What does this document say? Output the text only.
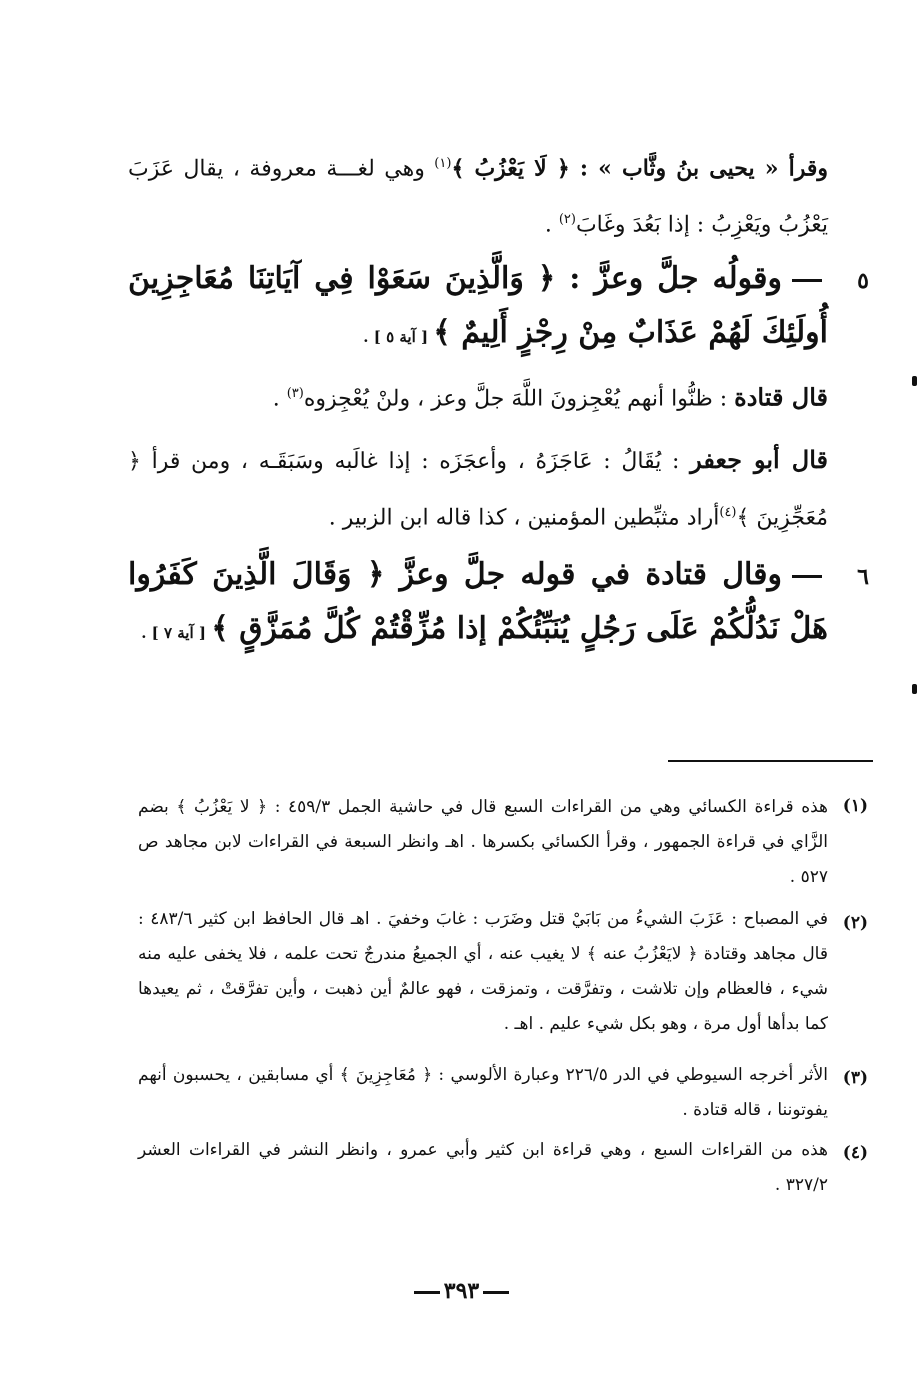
وقرأ « يحيى بنُ وثَّاب » : ﴿ لَا يَعْزُبُ ﴾$^{(١)}$ وهي لغـــة معروفة ، يقال عَزَبَ يَعْزُبُ ويَعْزِبُ : إذا بَعُدَ وغَابَ$^{(٢)}$ .

٥

وقولُه جلَّ وعزَّ : ﴿ وَالَّذِينَ سَعَوْا فِي آيَاتِنَا مُعَاجِزِينَ أُولَئِكَ لَهُمْ عَذَابٌ مِنْ رِجْزٍ أَلِيمٌ ﴾ [ آية ٥ ] .

قال قتادة : ظنُّوا أنهم يُعْجِزونَ اللَّهَ جلَّ وعز ، ولنْ يُعْجِزوه$^{(٣)}$ .

قال أبو جعفر : يُقَالُ : عَاجَزَهُ ، وأعجَزَه : إذا غالَبه وسَبَقَـه ، ومن قرأ ﴿ مُعَجِّزِينَ ﴾$^{(٤)}$أراد مثبِّطين المؤمنين ، كذا قاله ابن الزبير .

٦

وقال قتادة في قوله جلَّ وعزَّ ﴿ وَقَالَ الَّذِينَ كَفَرُوا هَلْ نَدُلُّكُمْ عَلَى رَجُلٍ يُنَبِّئُكُمْ إذا مُزِّقْتُمْ كُلَّ مُمَزَّقٍ ﴾ [ آية ٧ ] .

(١)

هذه قراءة الكسائي وهي من القراءات السبع قال في حاشية الجمل ٤٥٩/٣ : ﴿ لا يَعْزُبُ ﴾ بضم الزَّاي في قراءة الجمهور ، وقرأ الكسائي بكسرها . اهـ وانظر السبعة في القراءات لابن مجاهد ص ٥٢٧ .

(٢)

في المصباح : عَزَبَ الشيءُ من بَابَيْ قتل وضَرَب : غابَ وخفيَ . اهـ قال الحافظ ابن كثير ٤٨٣/٦ : قال مجاهد وقتادة ﴿ لايَعْزُبُ عنه ﴾ لا يغيب عنه ، أي الجميعُ مندرجٌ تحت علمه ، فلا يخفى عليه منه شيء ، فالعظام وإن تلاشت ، وتفرَّقت ، وتمزقت ، فهو عالمٌ أين ذهبت ، وأين تفرَّقتْ ، ثم يعيدها كما بدأها أول مرة ، وهو بكل شيء عليم . اهـ .

(٣)

الأثر أخرجه السيوطي في الدر ٢٢٦/٥ وعبارة الألوسي : ﴿ مُعَاجِزِينَ ﴾ أي مسابقين ، يحسبون أنهم يفوتوننا ، قاله قتادة .

(٤)

هذه من القراءات السبع ، وهي قراءة ابن كثير وأبي عمرو ، وانظر النشر في القراءات العشر ٣٢٧/٢ .

٣٩٣
